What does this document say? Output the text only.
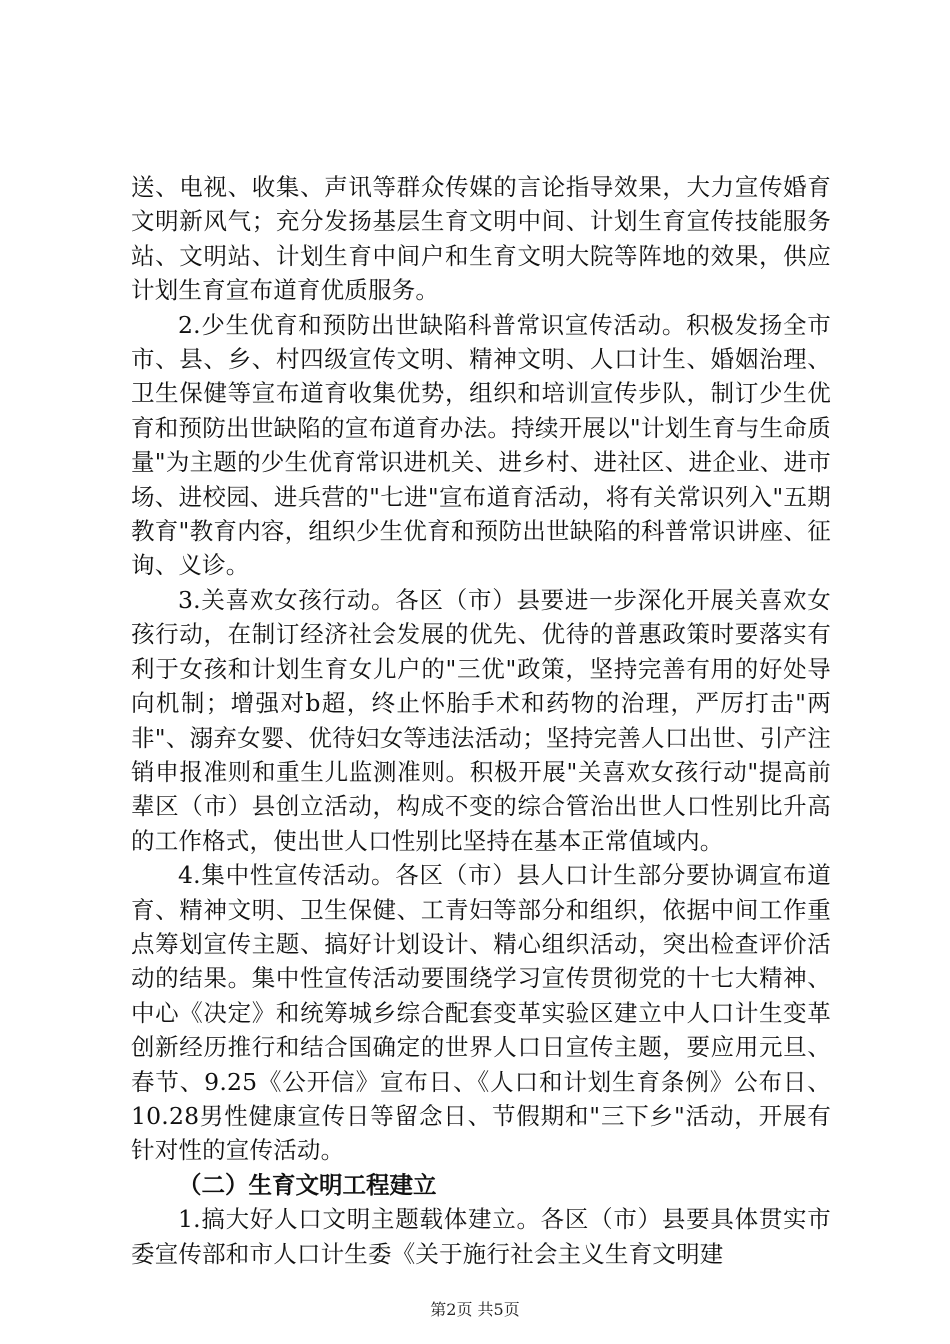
送、电视、收集、声讯等群众传媒的言论指导效果，大力宣传婚育文明新风气；充分发扬基层生育文明中间、计划生育宣传技能服务站、文明站、计划生育中间户和生育文明大院等阵地的效果，供应计划生育宣布道育优质服务。

2.少生优育和预防出世缺陷科普常识宣传活动。积极发扬全市市、县、乡、村四级宣传文明、精神文明、人口计生、婚姻治理、卫生保健等宣布道育收集优势，组织和培训宣传步队，制订少生优育和预防出世缺陷的宣布道育办法。持续开展以"计划生育与生命质量"为主题的少生优育常识进机关、进乡村、进社区、进企业、进市场、进校园、进兵营的"七进"宣布道育活动，将有关常识列入"五期教育"教育内容，组织少生优育和预防出世缺陷的科普常识讲座、征询、义诊。

3.关喜欢女孩行动。各区（市）县要进一步深化开展关喜欢女孩行动，在制订经济社会发展的优先、优待的普惠政策时要落实有利于女孩和计划生育女儿户的"三优"政策，坚持完善有用的好处导向机制；增强对b超，终止怀胎手术和药物的治理，严厉打击"两非"、溺弃女婴、优待妇女等违法活动；坚持完善人口出世、引产注销申报准则和重生儿监测准则。积极开展"关喜欢女孩行动"提高前辈区（市）县创立活动，构成不变的综合管治出世人口性别比升高的工作格式，使出世人口性别比坚持在基本正常值域内。

4.集中性宣传活动。各区（市）县人口计生部分要协调宣布道育、精神文明、卫生保健、工青妇等部分和组织，依据中间工作重点筹划宣传主题、搞好计划设计、精心组织活动，突出检查评价活动的结果。集中性宣传活动要围绕学习宣传贯彻党的十七大精神、中心《决定》和统筹城乡综合配套变革实验区建立中人口计生变革创新经历推行和结合国确定的世界人口日宣传主题，要应用元旦、春节、9.25《公开信》宣布日、《人口和计划生育条例》公布日、10.28男性健康宣传日等留念日、节假期和"三下乡"活动，开展有针对性的宣传活动。

（二）生育文明工程建立

1.搞大好人口文明主题载体建立。各区（市）县要具体贯实市委宣传部和市人口计生委《关于施行社会主义生育文明建

第2页 共5页
